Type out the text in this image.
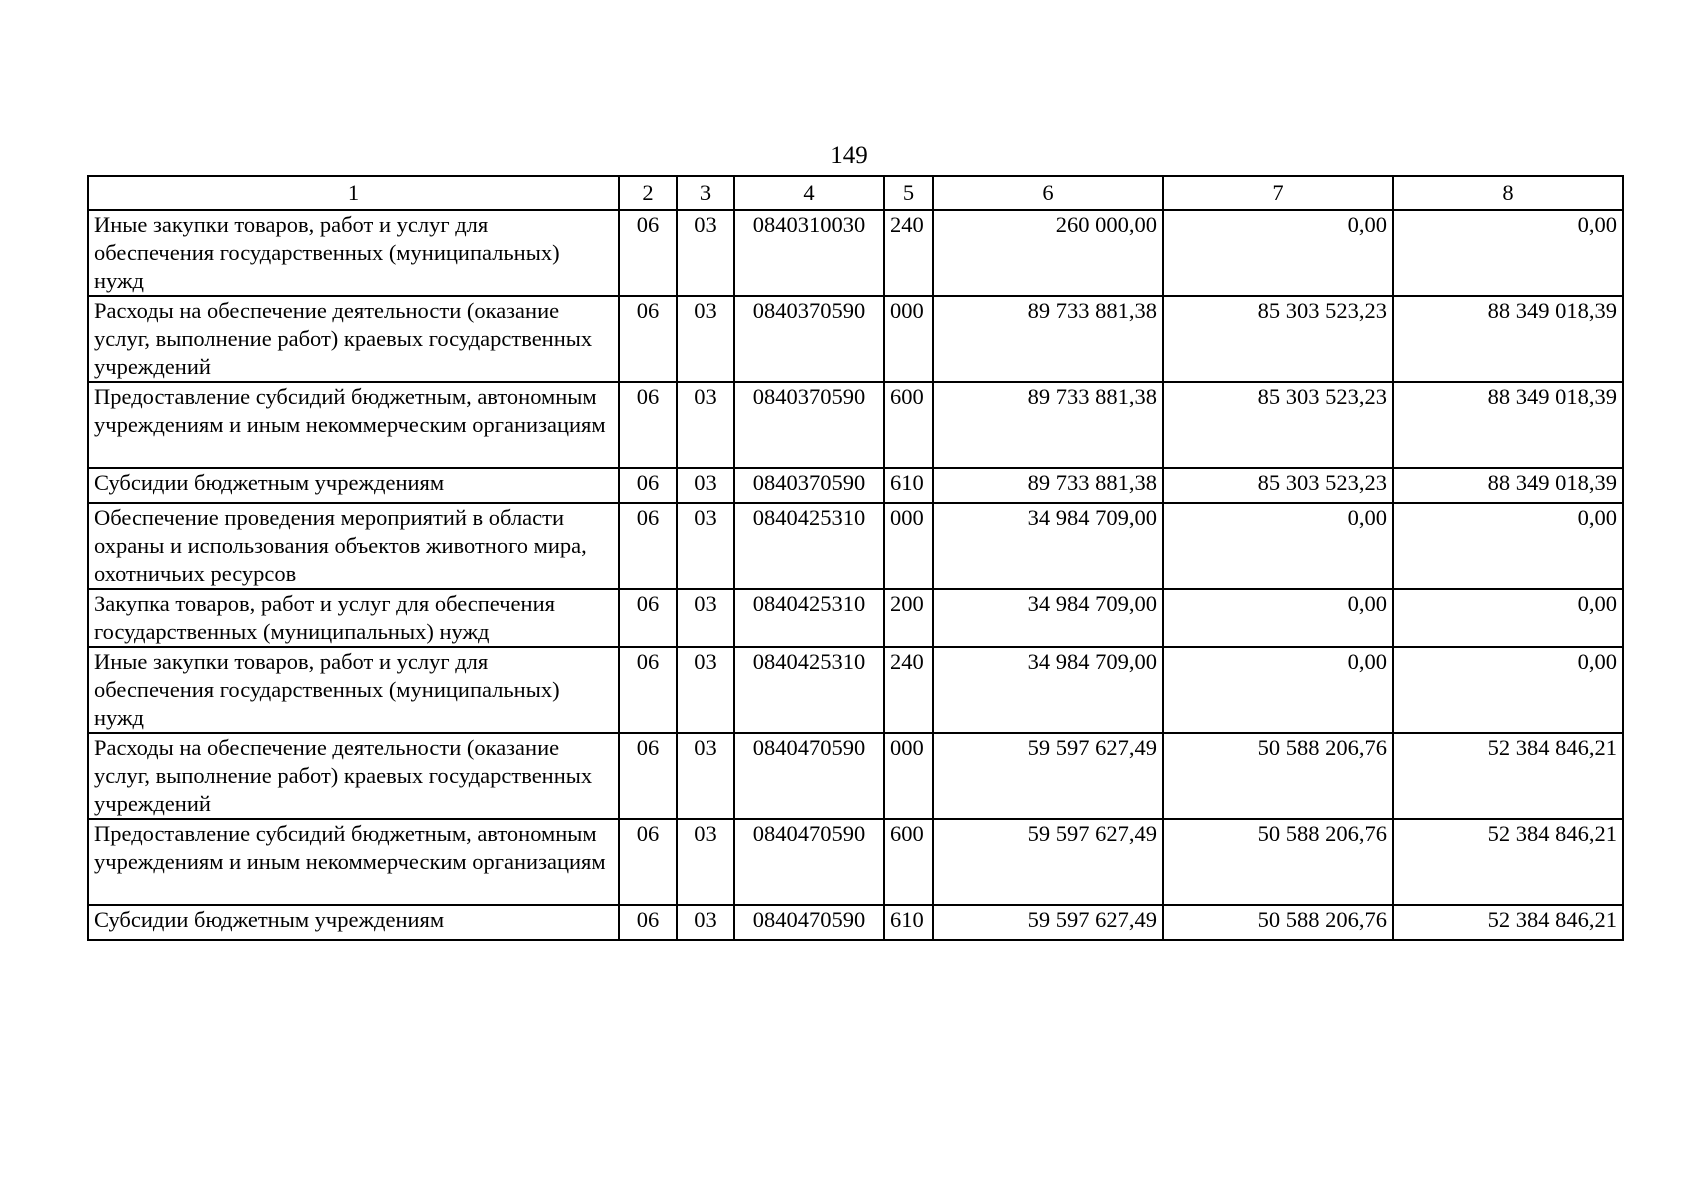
149
1	2	3	4	5	6	7	8
Иные закупки товаров, работ и услуг для обеспечения государственных (муниципальных) нужд	06	03	0840310030	240	260 000,00	0,00	0,00
Расходы на обеспечение деятельности (оказание услуг, выполнение работ) краевых государственных учреждений	06	03	0840370590	000	89 733 881,38	85 303 523,23	88 349 018,39
Предоставление субсидий бюджетным, автономным учреждениям и иным некоммерческим организациям	06	03	0840370590	600	89 733 881,38	85 303 523,23	88 349 018,39
Субсидии бюджетным учреждениям	06	03	0840370590	610	89 733 881,38	85 303 523,23	88 349 018,39
Обеспечение проведения мероприятий в области охраны и использования объектов животного мира, охотничьих ресурсов	06	03	0840425310	000	34 984 709,00	0,00	0,00
Закупка товаров, работ и услуг для обеспечения государственных (муниципальных) нужд	06	03	0840425310	200	34 984 709,00	0,00	0,00
Иные закупки товаров, работ и услуг для обеспечения государственных (муниципальных) нужд	06	03	0840425310	240	34 984 709,00	0,00	0,00
Расходы на обеспечение деятельности (оказание услуг, выполнение работ) краевых государственных учреждений	06	03	0840470590	000	59 597 627,49	50 588 206,76	52 384 846,21
Предоставление субсидий бюджетным, автономным учреждениям и иным некоммерческим организациям	06	03	0840470590	600	59 597 627,49	50 588 206,76	52 384 846,21
Субсидии бюджетным учреждениям	06	03	0840470590	610	59 597 627,49	50 588 206,76	52 384 846,21
